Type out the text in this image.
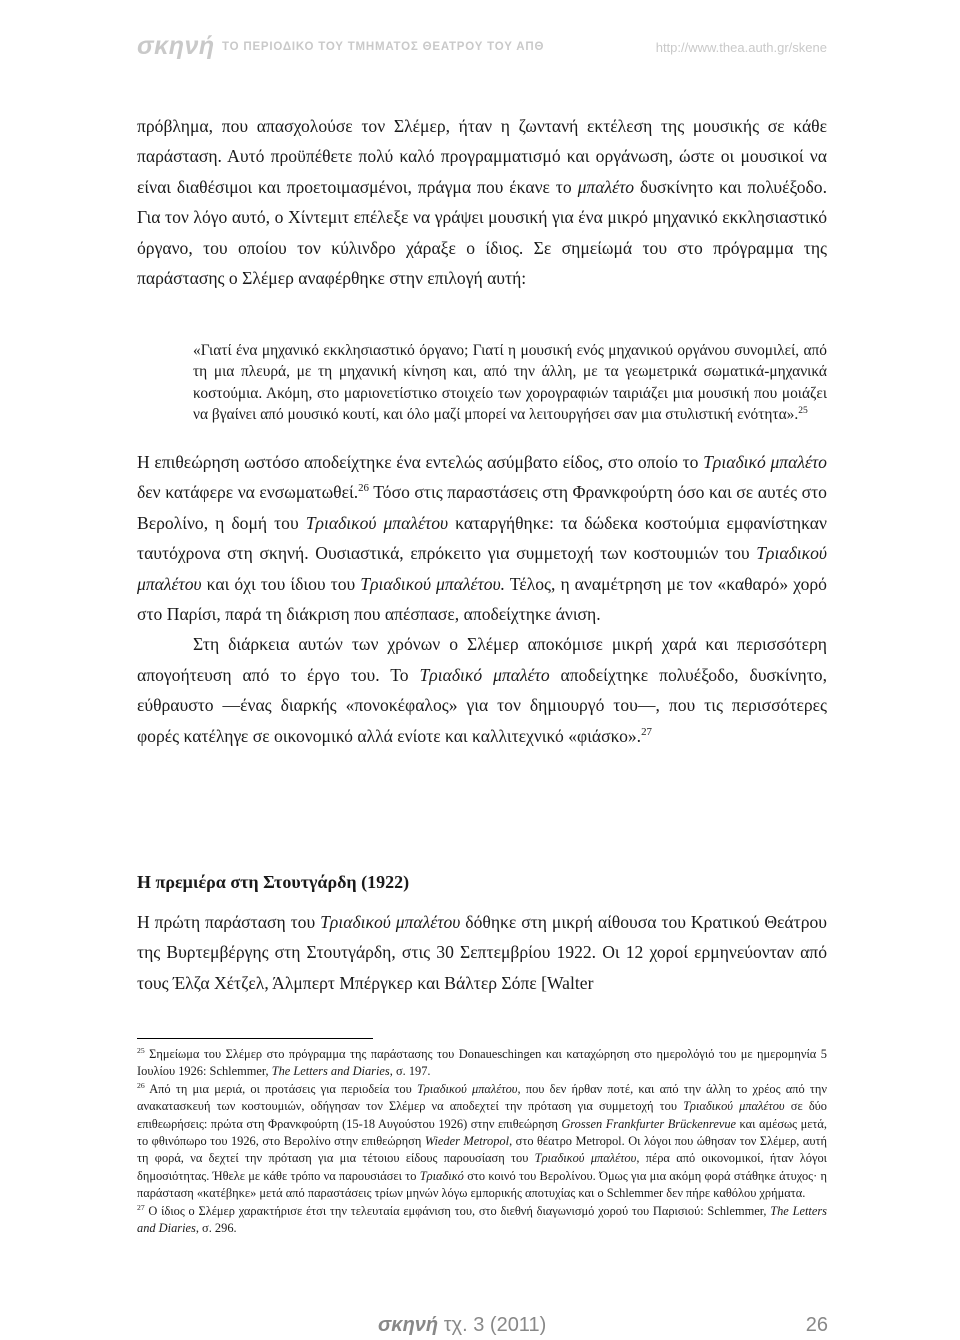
σκηνή ΤΟ ΠΕΡΙΟΔΙΚΟ ΤΟΥ ΤΜΗΜΑΤΟΣ ΘΕΑΤΡΟΥ ΤΟΥ ΑΠΘ	http://www.thea.auth.gr/skene

πρόβλημα, που απασχολούσε τον Σλέμερ, ήταν η ζωντανή εκτέλεση της μουσικής σε κάθε παράσταση. Αυτό προϋπέθετε πολύ καλό προγραμματισμό και οργάνωση, ώστε οι μουσικοί να είναι διαθέσιμοι και προετοιμασμένοι, πράγμα που έκανε το μπαλέτο δυσκίνητο και πολυέξοδο. Για τον λόγο αυτό, ο Χίντεμιτ επέλεξε να γράψει μουσική για ένα μικρό μηχανικό εκκλησιαστικό όργανο, του οποίου τον κύλινδρο χάραξε ο ίδιος. Σε σημείωμά του στο πρόγραμμα της παράστασης ο Σλέμερ αναφέρθηκε στην επιλογή αυτή:

«Γιατί ένα μηχανικό εκκλησιαστικό όργανο; Γιατί η μουσική ενός μηχανικού οργάνου συνομιλεί, από τη μια πλευρά, με τη μηχανική κίνηση και, από την άλλη, με τα γεωμετρικά σωματικά-μηχανικά κοστούμια. Ακόμη, στο μαριονετίστικο στοιχείο των χορογραφιών ταιριάζει μια μουσική που μοιάζει να βγαίνει από μουσικό κουτί, και όλο μαζί μπορεί να λειτουργήσει σαν μια στυλιστική ενότητα».$^{25}$

Η επιθεώρηση ωστόσο αποδείχτηκε ένα εντελώς ασύμβατο είδος, στο οποίο το Τριαδικό μπαλέτο δεν κατάφερε να ενσωματωθεί.$^{26}$ Τόσο στις παραστάσεις στη Φρανκφούρτη όσο και σε αυτές στο Βερολίνο, η δομή του Τριαδικού μπαλέτου καταργήθηκε: τα δώδεκα κοστούμια εμφανίστηκαν ταυτόχρονα στη σκηνή. Ουσιαστικά, επρόκειτο για συμμετοχή των κοστουμιών του Τριαδικού μπαλέτου και όχι του ίδιου του Τριαδικού μπαλέτου. Τέλος, η αναμέτρηση με τον «καθαρό» χορό στο Παρίσι, παρά τη διάκριση που απέσπασε, αποδείχτηκε άνιση.

Στη διάρκεια αυτών των χρόνων ο Σλέμερ αποκόμισε μικρή χαρά και περισσότερη απογοήτευση από το έργο του. Το Τριαδικό μπαλέτο αποδείχτηκε πολυέξοδο, δυσκίνητο, εύθραυστο —ένας διαρκής «πονοκέφαλος» για τον δημιουργό του—, που τις περισσότερες φορές κατέληγε σε οικονομικό αλλά ενίοτε και καλλιτεχνικό «φιάσκο».$^{27}$

Η πρεμιέρα στη Στουτγάρδη (1922)

Η πρώτη παράσταση του Τριαδικού μπαλέτου δόθηκε στη μικρή αίθουσα του Κρατικού Θεάτρου της Βυρτεμβέργης στη Στουτγάρδη, στις 30 Σεπτεμβρίου 1922. Οι 12 χοροί ερμηνεύονταν από τους Έλζα Χέτζελ, Άλμπερτ Μπέργκερ και Βάλτερ Σόπε [Walter

$^{25}$ Σημείωμα του Σλέμερ στο πρόγραμμα της παράστασης του Donaueschingen και καταχώρηση στο ημερολόγιό του με ημερομηνία 5 Ιουλίου 1926: Schlemmer, The Letters and Diaries, σ. 197.

$^{26}$ Από τη μια μεριά, οι προτάσεις για περιοδεία του Τριαδικού μπαλέτου, που δεν ήρθαν ποτέ, και από την άλλη το χρέος από την ανακατασκευή των κοστουμιών, οδήγησαν τον Σλέμερ να αποδεχτεί την πρόταση για συμμετοχή του Τριαδικού μπαλέτου σε δύο επιθεωρήσεις: πρώτα στη Φρανκφούρτη (15-18 Αυγούστου 1926) στην επιθεώρηση Grossen Frankfurter Brückenrevue και αμέσως μετά, το φθινόπωρο του 1926, στο Βερολίνο στην επιθεώρηση Wieder Metropol, στο θέατρο Metropol. Οι λόγοι που ώθησαν τον Σλέμερ, αυτή τη φορά, να δεχτεί την πρόταση για μια τέτοιου είδους παρουσίαση του Τριαδικού μπαλέτου, πέρα από οικονομικοί, ήταν λόγοι δημοσιότητας. Ήθελε με κάθε τρόπο να παρουσιάσει το Τριαδικό στο κοινό του Βερολίνου. Όμως για μια ακόμη φορά στάθηκε άτυχος· η παράσταση «κατέβηκε» μετά από παραστάσεις τρίων μηνών λόγω εμπορικής αποτυχίας και ο Schlemmer δεν πήρε καθόλου χρήματα.

$^{27}$ Ο ίδιος ο Σλέμερ χαρακτήρισε έτσι την τελευταία εμφάνιση του, στο διεθνή διαγωνισμό χορού του Παρισιού: Schlemmer, The Letters and Diaries, σ. 296.

σκηνή τχ. 3 (2011)	26
